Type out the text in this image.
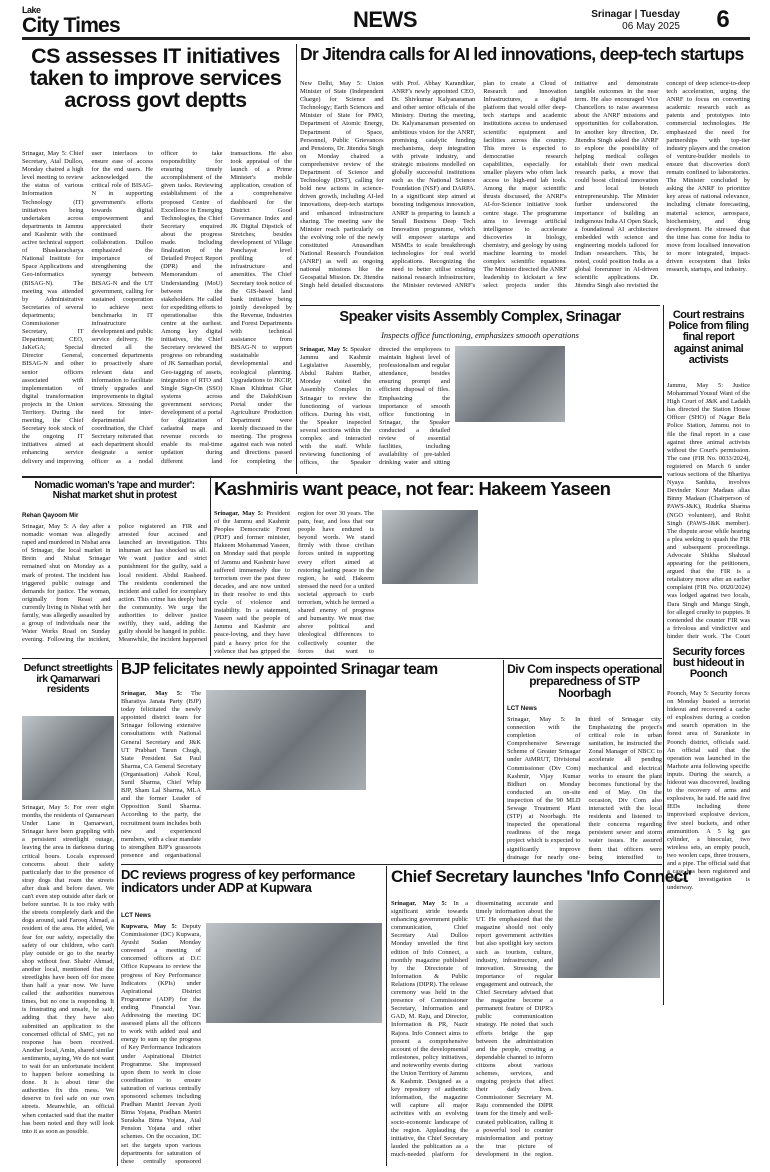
Lake
City Times	NEWS	Srinagar | Tuesday
06 May 2025	6
CS assesses IT initiatives taken to improve services across govt deptts
Srinagar, May 5: Chief Secretary, Atal Dulloo, Monday chaired a high level meeting to review the status of various Information Technology (IT) initiatives being undertaken across departments in Jammu and Kashmir with the active technical support of Bhaskaracharya National Institute for Space Applications and Geo-informatics (BISAG-N). The meeting was attended by Administrative Secretaries of several departments; Commissioner Secretary, IT Department; CEO, JaKeGA; Special Director General, BISAG-N and other senior officers associated with implementation of digital transformation projects in the Union Territory. During the meeting, the Chief Secretary took stock of the ongoing IT initiatives aimed at enhancing service delivery and improving user interfaces to ensure ease of access for the end users. He acknowledged the critical role of BISAG-N in supporting government's efforts towards digital empowerment and appreciated their continued collaboration. Dulloo emphasized the importance of strengthening the synergy between BISAG-N and the UT government, calling for sustained cooperation to achieve next benchmarks in IT infrastructure development and public service delivery. He directed all the concerned departments to proactively share relevant data and information to facilitate timely upgrades and improvements in digital services. Stressing the need for inter-departmental coordination, the Chief Secretary reiterated that each department should designate a senior officer as a nodal officer to take responsibility for ensuring timely accomplishment of the given tasks. Reviewing establishment of the proposed Centre of Excellence in Emerging Technologies, the Chief Secretary enquired about the progress made. Including finalization of the Detailed Project Report (DPR) and the Memorandum of Understanding (MoU) between the stakeholders. He called for expediting efforts to operationalise this centre at the earliest. Among key digital initiatives, the Chief Secretary reviewed the progress on rebranding of JK Samadhan portal, Geo-tagging of assets, integration of RTO and Single Sign-On (SSO) systems across government services; development of a portal for digitization of cadastral maps and revenue records to enable its real-time updation during different land transactions. He also took appraisal of the launch of a Prime Minister's mobile application, creation of a comprehensive dashboard for the District Good Governance Index and JK Digital Dipstick of Stretches; besides development of Village Panchayat level profiling of infrastructure and amenities. The Chief Secretary took notice of the GIS-based land bank initiative being jointly developed by the Revenue, Industries and Forest Departments with technical assistance from BISAG-N to support sustainable developmental and ecological planning. Upgradations to JKCIP, Kisan Khidmat Ghar and the DakshKisan Portal under the Agriculture Production Department were keenly discussed in the meeting. The progress against each was noted and directions passed for completing the
Dr Jitendra calls for AI led innovations, deep-tech startups
New Delhi, May 5: Union Minister of State (Independent Charge) for Science and Technology; Earth Sciences and Minister of State for PMO, Department of Atomic Energy, Department of Space, Personnel, Public Grievances and Pensions, Dr. Jitendra Singh on Monday chaired a comprehensive review of the Department of Science and Technology (DST), calling for bold new actions in science-driven growth, including AI-led innovations, deep-tech startups and enhanced infrastructure sharing. The meeting saw the Minister reach particularly on the evolving role of the newly constituted Anusandhan National Research Foundation (ANRF) as well as ongoing national missions like the Geospatial Mission. Dr. Jitendra Singh held detailed discussions with Prof. Abhay Karandikar, ANRF's newly appointed CEO, Dr. Shivkumar Kalyanaraman and other senior officials of the Ministry. During the meeting, Dr. Kalyanaraman presented on ambitious vision for the ANRF, promising catalytic funding mechanisms, deep integration with private industry, and strategic missions modelled on globally successful institutions such as the National Science Foundation (NSF) and DARPA. In a significant step aimed at boosting indigenous innovation, ANRF is preparing to launch a Small Business Deep Tech Innovation programme, which will empower startups and MSMEs to scale breakthrough technologies for real world applications. Recognizing the need to better utilise existing national research infrastructure, the Minister reviewed ANRF's plan to create a Cloud of Research and Innovation Infrastructures, a digital platform that would offer deep-tech startups and academic institutions access to underused scientific equipment and facilities across the country. This move is expected to democratise research capabilities, especially for smaller players who often lack access to high-end lab tools. Among the major scientific thrusts discussed, the ANRF's AI-for-Science initiative took centre stage. The programme aims to leverage artificial intelligence to accelerate discoveries in biology, chemistry, and geology by using machine learning to model complex scientific equations. The Minister directed the ANRF leadership to kickstart a few select projects under this initiative and demonstrate tangible outcomes in the near term. He also encouraged Vice Chancellors to raise awareness about the ANRF missions and opportunities for collaboration. In another key direction, Dr. Jitendra Singh asked the ANRF to explore the possibility of helping medical colleges establish their own medical research parks, a move that could boost clinical innovation and local biotech entrepreneurship. The Minister further underscored the importance of building an indigenous India AI Open Stack, a foundational AI architecture embedded with science and engineering models tailored for Indian researchers. This, he noted, could position India as a global forerunner in AI-driven scientific applications. Dr. Jitendra Singh also revisited the concept of deep science-to-deep tech acceleration, urging the ANRF to focus on converting academic research such as patents and prototypes into commercial technologies. He emphasized the need for partnerships with top-tier industry players and the creation of venture-builder models to ensure that discoveries don't remain confined to laboratories. The Minister concluded by asking the ANRF to prioritize key areas of national relevance, including climate forecasting, material science, aerospace, biochemistry, and drug development. He stressed that the time has come for India to move from localised innovation to more integrated, impact-driven ecosystem that links research, startups, and industry.
Speaker visits Assembly Complex, Srinagar
Inspects office functioning, emphasizes smooth operations
Srinagar, May 5: Speaker Jammu and Kashmir Legislative Assembly, Abdul Rahim Rather, Monday visited the Assembly Complex in Srinagar to review the functioning of various offices. During his visit, the Speaker inspected several sections within the complex and interacted with the staff. While reviewing functioning of offices, the Speaker directed the employees to maintain highest level of professionalism and regular attendance, besides ensuring prompt and efficient disposal of files. Emphasizing the importance of smooth office functioning in Srinagar, the Speaker conducted a detailed review of essential facilities, including availability of pre-tabled drinking water and sitting
Court restrains Police from filing final report against animal activists
Jammu, May 5: Justice Mohammad Yousuf Wani of the High Court of J&K and Ladakh has directed the Station House Officer (SHO) of Nagar Bela Police Station, Jammu not to file the final report in a case against three animal activists without the Court's permission. The case (FIR No. 0033/2024), registered on March 6 under various sections of the Bhartiya Nyaya Sanhita, involves Devinder Kour Madaan alias Binny Madaan (Chairperson of PAWS-J&K), Rudrika Sharma (NGO volunteer), and Rohit Singh (PAWS-J&K member). The dispute arose while hearing a plea seeking to quash the FIR and subsequent proceedings. Advocate Shikha Shahzad appearing for the petitioners, argued that the FIR is a retaliatory move after an earlier complaint (FIR No. 0020/2024) was lodged against two locals, Dara Singh and Mangu Singh, for alleged cruelty to puppies. It contended the counter FIR was a frivolous and vindictive and hinder their work. The Court
Security forces bust hideout in Poonch
Poonch, May 5: Security forces on Monday busted a terrorist hideout and recovered a cache of explosives during a cordon and search operation in the forest area of Surankote in Poonch district, officials said. An official said that the operation was launched in the Marhote area following specific inputs. During the search, a hideout was discovered, leading to the recovery of arms and explosives, he said. He said five IEDs including three improvised explosive devices, five steel buckets, and other ammunition. A 5 kg gas cylinder, a binocular, two wireless sets, an empty pouch, two woolen caps, three trousers, and a pipe. The official said that a case has been registered and further investigation is underway.
Nomadic woman's 'rape and murder': Nishat market shut in protest
Rehan Qayoom Mir
Srinagar, May 5: A day after a nomadic woman was allegedly raped and murdered in Nishat area of Srinagar, the local market in Brein and Nishat Srinagar remained shut on Monday as a mark of protest. The incident has triggered public outrage and demands for justice. The woman, originally from Reasi and currently living in Nishat with her family, was allegedly assaulted by a group of individuals near the Water Works Road on Sunday evening. Following the incident, police registered an FIR and arrested four accused and launched an investigation. This inhuman act has shocked us all. We want justice and strict punishment for the guilty, said a local resident. Abdul Rasheed. The residents condemned the incident and called for exemplary action. This crime has deeply hurt the community. We urge the authorities to deliver justice swiftly, they said, adding the guilty should be hanged in public. Meanwhile, the incident happened
Kashmiris want peace, not fear: Hakeem Yaseen
Srinagar, May 5: President of the Jammu and Kashmir Peoples Democratic Front (PDF) and former minister, Hakeem Mohammad Yaseen, on Monday said that people of Jammu and Kashmir have suffered immensely due to terrorism over the past three decades, and are now united in their resolve to end this cycle of violence and instability. In a statement, Yaseen said the people of Jammu and Kashmir are peace-loving, and they have paid a heavy price for the violence that has gripped the region for over 30 years. The pain, fear, and loss that our people have endured is beyond words. We stand firmly with those civilian forces united in supporting every effort aimed at restoring lasting peace in the region, he said. Hakeem stressed the need for a united societal approach to curb terrorism, which he termed a shared enemy of progress and humanity. We must rise above political and ideological differences to collectively counter the forces that want to
Defunct streetlights irk Qamarwari residents
Srinagar, May 5: For over eight months, the residents of Qamarwari Under Lane in Qamarwari, Srinagar have been grappling with a persistent streetlight outage, leaving the area in darkness during critical hours. Locals expressed concerns about their safety particularly due to the presence of stray dogs that roam the streets after dusk and before dawn. We can't even step outside after dark or before sunrise. It is too risky with the streets completely dark and the dogs around, said Farooq Ahmad, a resident of the area. He added, We fear for our safety, especially the safety of our children, who can't play outside or go to the nearby shop without fear. Shabir Ahmad, another local, mentioned that the streetlights have been off for more than half a year now. We have called the authorities numerous times, but no one is responding. It is frustrating and unsafe, he said, adding that they have also submitted an application to the concerned official of SMC, yet no response has been received. Another local, Amin, shared similar sentiments, saying, We do not want to wait for an unfortunate incident to happen before something is done. It is about time the authorities fix this mess. We deserve to feel safe on our own streets. Meanwhile, an official when contacted said that the matter has been noted and they will look into it as soon as possible.
BJP felicitates newly appointed Srinagar team
Srinagar, May 5: The Bharatiya Janata Party (BJP) today felicitated the newly appointed district team for Srinagar following extensive consultations with National General Secretary and J&K UT Prabhari Tarun Chugh, State President Sat Paul Sharma, CA General Secretary (Organisation) Ashok Koul, Sunil Sharma, Chief Whip BJP, Sham Lal Sharma, MLA and the former Leader of Opposition Sunil Sharma. According to the party, the recruitment team includes both new and experienced members, with a clear mandate to strengthen BJP's grassroots presence and organisational
Div Com inspects operational preparedness of STP Noorbagh
LCT News
Srinagar, May 5: In connection with the completion of Comprehensive Sewerage Scheme of Greater Srinagar under AtMRUT, Divisional Commissioner (Div Com) Kashmir, Vijay Kumar Bidhuri on Monday conducted an on-site inspection of the 90 MLD Sewage Treatment Plant (STP) at Noorbagh. He inspected the operational readiness of the mega project which is expected to significantly improve drainage for nearly one-third of Srinagar city. Emphasizing the project's critical role in urban sanitation, he instructed the Zonal Manager of NBCC to accelerate all pending mechanical and electrical works to ensure the plant becomes functional by the end of May. On the occasion, Div Com also interacted with the local residents and listened to their concerns regarding persistent sewer and storm water issues. He assured them that officers were being intensified to
DC reviews progress of key performance indicators under ADP at Kupwara
LCT News
Kupwara, May 5: Deputy Commissioner (DC) Kupwara, Ayushi Sudan Monday convened a meeting of concerned officers at D.C Office Kupwara to review the progress of Key Performance Indicators (KPIs) under Aspirational District Programme (ADP) for the ending Financial Year. Addressing the meeting DC assessed plans all the officers to work with added zeal and energy to sum up the progress of Key Performance Indicators under Aspirational District Programme. She impressed upon them to work in close coordination to ensure saturation of various centrally sponsored schemes including Pradhan Mantri Jeevan Jyoti Bima Yojana, Pradhan Mantri Suraksha Bima Yojana, Atal Pension Yojana and other schemes. On the occasion, DC set the targets upon various departments for saturation of these centrally sponsored
Chief Secretary launches 'Info Connect'
Srinagar, May 5: In a significant stride towards enhancing government public communication, Chief Secretary Atal Dulloo Monday unveiled the first edition of Info Connect, a monthly magazine published by the Directorate of Information & Public Relations (DIPR). The release ceremony was held in the presence of Commissioner Secretary, Information and GAD, M. Raju, and Director, Information & PR, Nazir Rajora. Info Connect aims to present a comprehensive account of the developmental milestones, policy initiatives, and noteworthy events during the Union Territory of Jammu & Kashmir. Designed as a key repository of authentic information, the magazine will capture all major activities with an evolving socio-economic landscape of the region. Applauding the initiative, the Chief Secretary lauded the publication as a much-needed platform for disseminating accurate and timely information about the UT. He emphasized that the magazine should not only report government activities but also spotlight key sectors such as tourism, culture, industry, infrastructure, and innovation. Stressing the importance of regular engagement and outreach, the Chief Secretary advised that the magazine become a permanent feature of DIPR's public communication strategy. He noted that such efforts bridge the gap between the administration and the people, creating a dependable channel to inform citizens about various schemes, services, and ongoing projects that affect their daily lives. Commissioner Secretary M. Raju commended the DIPR team for the timely and well-curated publication, calling it a powerful tool to counter misinformation and portray the true picture of development in the region.
